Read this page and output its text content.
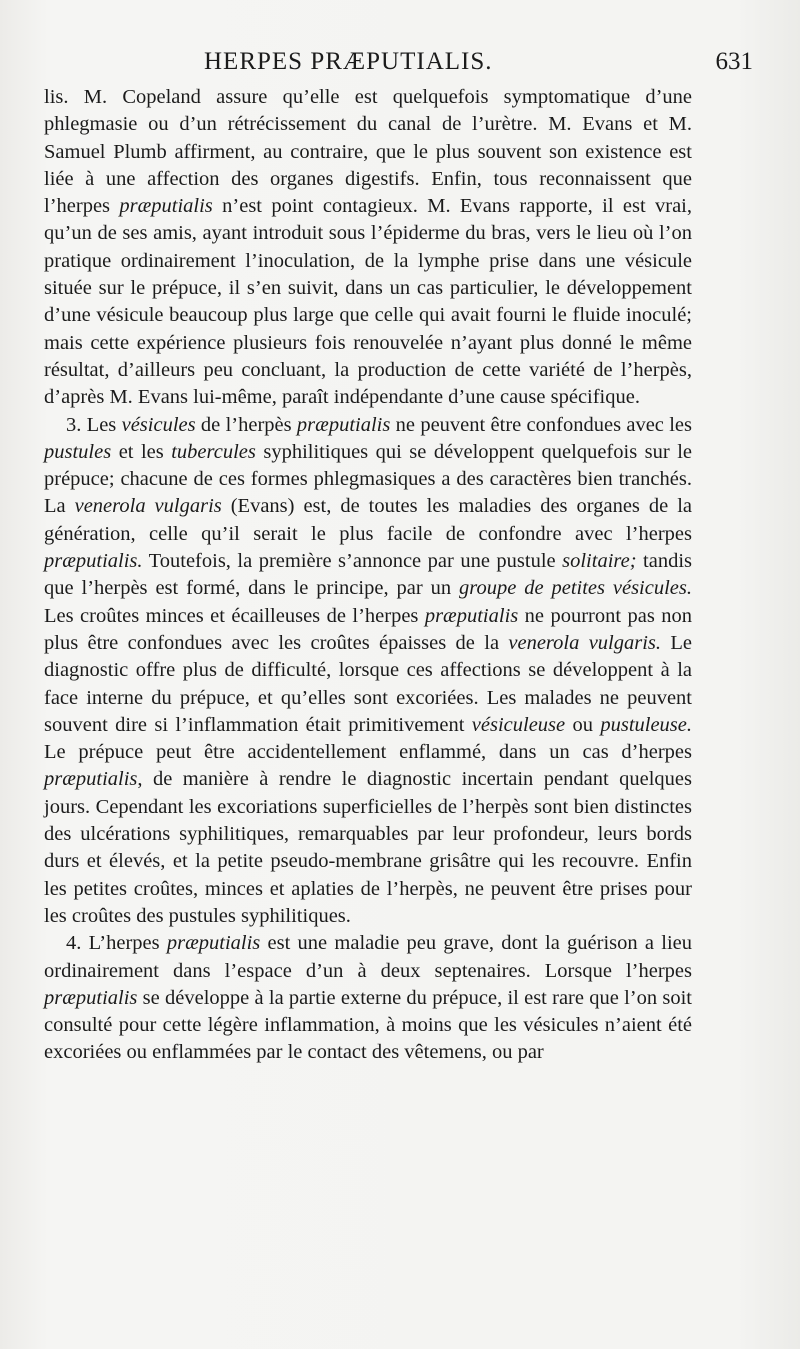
HERPES PRÆPUTIALIS.	631

lis. M. Copeland assure qu’elle est quelquefois symptomatique d’une phlegmasie ou d’un rétrécissement du canal de l’urètre. M. Evans et M. Samuel Plumb affirment, au contraire, que le plus souvent son existence est liée à une affection des organes digestifs. Enfin, tous reconnaissent que l’herpes præputialis n’est point contagieux. M. Evans rapporte, il est vrai, qu’un de ses amis, ayant introduit sous l’épiderme du bras, vers le lieu où l’on pratique ordinairement l’inoculation, de la lymphe prise dans une vésicule située sur le prépuce, il s’en suivit, dans un cas particulier, le développement d’une vésicule beaucoup plus large que celle qui avait fourni le fluide inoculé; mais cette expérience plusieurs fois renouvelée n’ayant plus donné le même résultat, d’ailleurs peu concluant, la production de cette variété de l’herpès, d’après M. Evans lui-même, paraît indépendante d’une cause spécifique.

3. Les vésicules de l’herpès præputialis ne peuvent être confondues avec les pustules et les tubercules syphilitiques qui se développent quelquefois sur le prépuce; chacune de ces formes phlegmasiques a des caractères bien tranchés. La venerola vulgaris (Evans) est, de toutes les maladies des organes de la génération, celle qu’il serait le plus facile de confondre avec l’herpes præputialis. Toutefois, la première s’annonce par une pustule solitaire; tandis que l’herpès est formé, dans le principe, par un groupe de petites vésicules. Les croûtes minces et écailleuses de l’herpes præputialis ne pourront pas non plus être confondues avec les croûtes épaisses de la venerola vulgaris. Le diagnostic offre plus de difficulté, lorsque ces affections se développent à la face interne du prépuce, et qu’elles sont excoriées. Les malades ne peuvent souvent dire si l’inflammation était primitivement vésiculeuse ou pustuleuse. Le prépuce peut être accidentellement enflammé, dans un cas d’herpes præputialis, de manière à rendre le diagnostic incertain pendant quelques jours. Cependant les excoriations superficielles de l’herpès sont bien distinctes des ulcérations syphilitiques, remarquables par leur profondeur, leurs bords durs et élevés, et la petite pseudo-membrane grisâtre qui les recouvre. Enfin les petites croûtes, minces et aplaties de l’herpès, ne peuvent être prises pour les croûtes des pustules syphilitiques.

4. L’herpes præputialis est une maladie peu grave, dont la guérison a lieu ordinairement dans l’espace d’un à deux septenaires. Lorsque l’herpes præputialis se développe à la partie externe du prépuce, il est rare que l’on soit consulté pour cette légère inflammation, à moins que les vésicules n’aient été excoriées ou enflammées par le contact des vêtemens, ou par
